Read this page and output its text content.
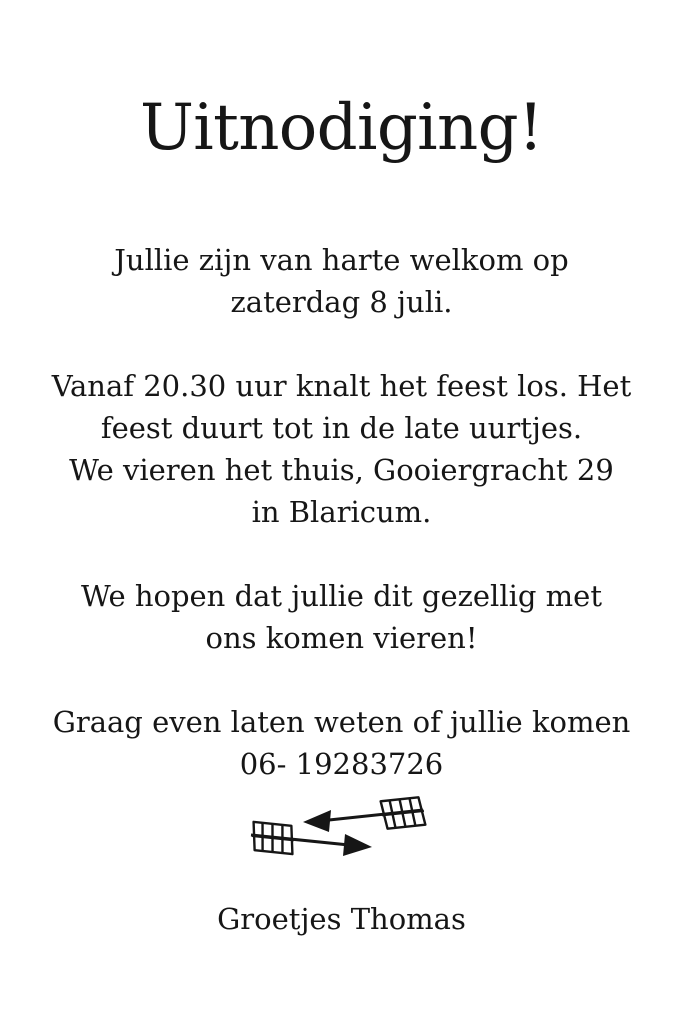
Uitnodiging!
Jullie zijn van harte welkom op
zaterdag 8 juli.
Vanaf 20.30 uur knalt het feest los. Het
feest duurt tot in de late uurtjes.
We vieren het thuis, Gooiergracht 29
in Blaricum.
We hopen dat jullie dit gezellig met
ons komen vieren!
Graag even laten weten of jullie komen
06- 19283726
Groetjes Thomas
